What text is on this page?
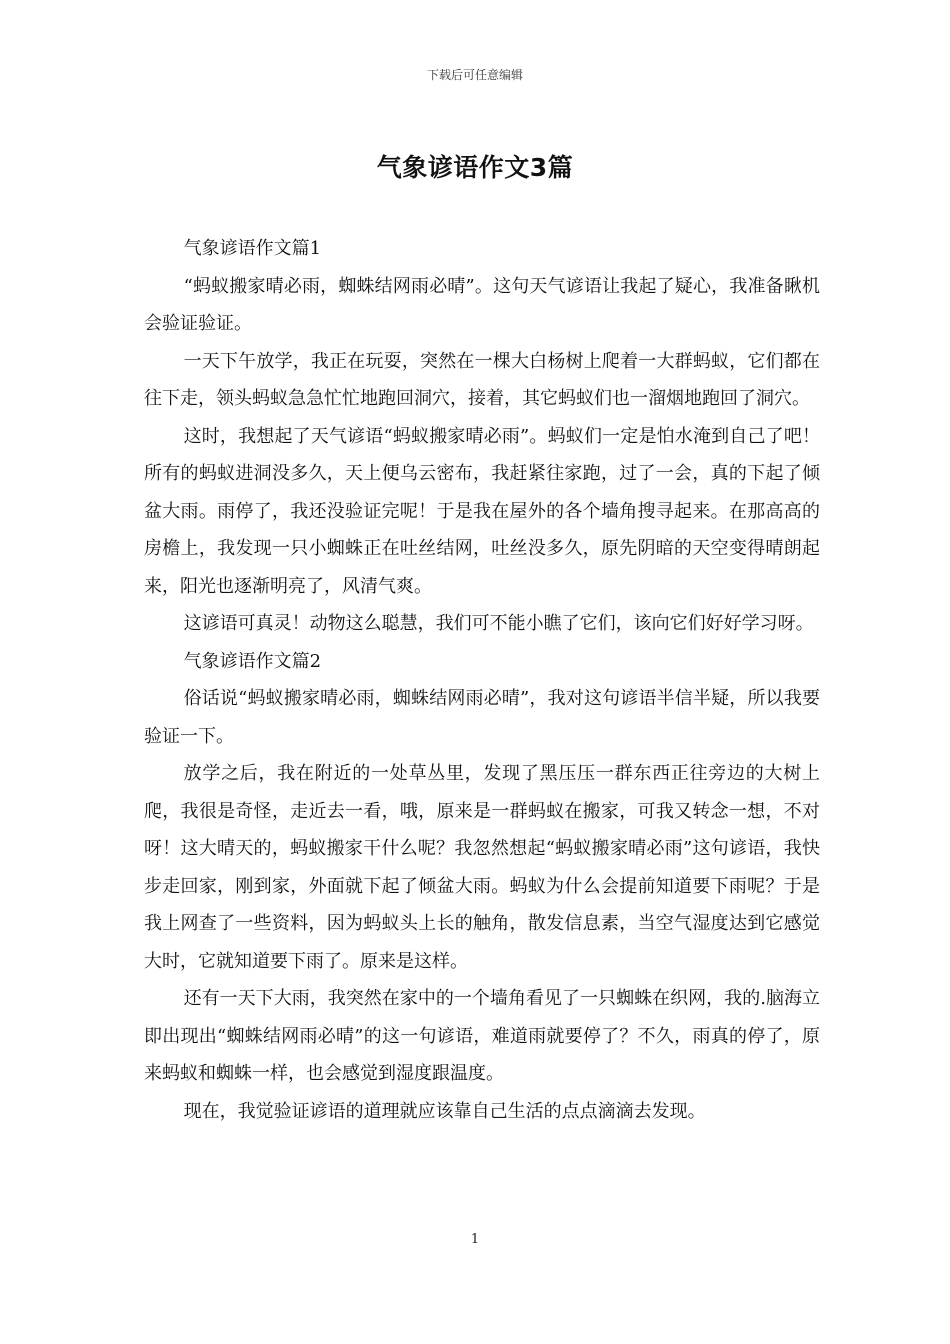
下载后可任意编辑
气象谚语作文3篇

气象谚语作文篇1

“蚂蚁搬家晴必雨，蜘蛛结网雨必晴”。这句天气谚语让我起了疑心，我准备瞅机会验证验证。

一天下午放学，我正在玩耍，突然在一棵大白杨树上爬着一大群蚂蚁，它们都在往下走，领头蚂蚁急急忙忙地跑回洞穴，接着，其它蚂蚁们也一溜烟地跑回了洞穴。

这时，我想起了天气谚语“蚂蚁搬家晴必雨”。蚂蚁们一定是怕水淹到自己了吧！所有的蚂蚁进洞没多久，天上便乌云密布，我赶紧往家跑，过了一会，真的下起了倾盆大雨。雨停了，我还没验证完呢！于是我在屋外的各个墙角搜寻起来。在那高高的房檐上，我发现一只小蜘蛛正在吐丝结网，吐丝没多久，原先阴暗的天空变得晴朗起来，阳光也逐渐明亮了，风清气爽。

这谚语可真灵！动物这么聪慧，我们可不能小瞧了它们，该向它们好好学习呀。

气象谚语作文篇2

俗话说“蚂蚁搬家晴必雨，蜘蛛结网雨必晴”，我对这句谚语半信半疑，所以我要验证一下。

放学之后，我在附近的一处草丛里，发现了黑压压一群东西正往旁边的大树上爬，我很是奇怪，走近去一看，哦，原来是一群蚂蚁在搬家，可我又转念一想，不对呀！这大晴天的，蚂蚁搬家干什么呢？我忽然想起“蚂蚁搬家晴必雨”这句谚语，我快步走回家，刚到家，外面就下起了倾盆大雨。蚂蚁为什么会提前知道要下雨呢？于是我上网查了一些资料，因为蚂蚁头上长的触角，散发信息素，当空气湿度达到它感觉大时，它就知道要下雨了。原来是这样。

还有一天下大雨，我突然在家中的一个墙角看见了一只蜘蛛在织网，我的.脑海立即出现出“蜘蛛结网雨必晴”的这一句谚语，难道雨就要停了？不久，雨真的停了，原来蚂蚁和蜘蛛一样，也会感觉到湿度跟温度。

现在，我觉验证谚语的道理就应该靠自己生活的点点滴滴去发现。

1
